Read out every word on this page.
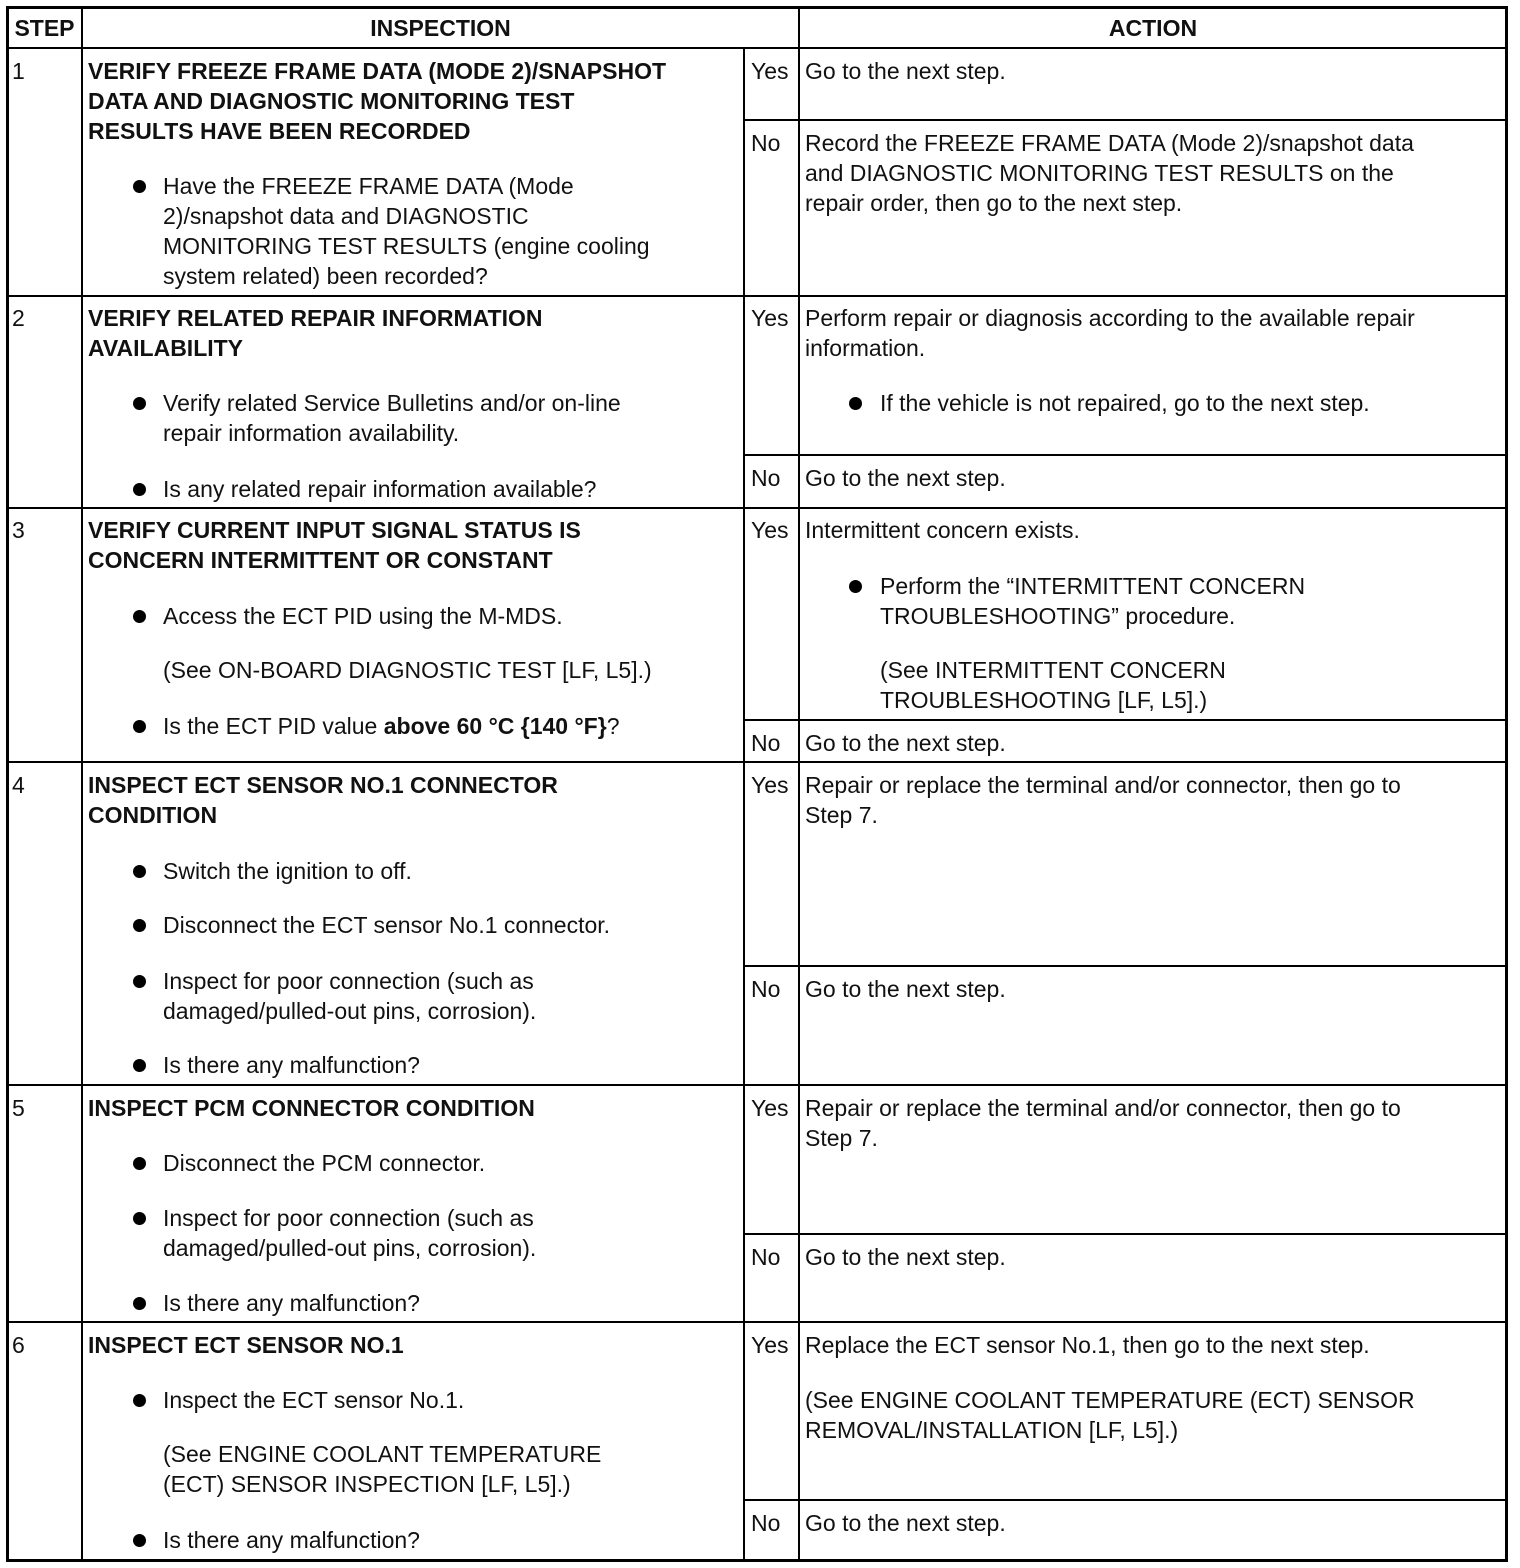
STEP	INSPECTION	ACTION
1	VERIFY FREEZE FRAME DATA (MODE 2)/SNAPSHOT
DATA AND DIAGNOSTIC MONITORING TEST
RESULTS HAVE BEEN RECORDED
Have the FREEZE FRAME DATA (Mode
2)/snapshot data and DIAGNOSTIC
MONITORING TEST RESULTS (engine cooling
system related) been recorded?
Yes Go to the next step.
No Record the FREEZE FRAME DATA (Mode 2)/snapshot data
and DIAGNOSTIC MONITORING TEST RESULTS on the
repair order, then go to the next step.
2	VERIFY RELATED REPAIR INFORMATION
AVAILABILITY
Verify related Service Bulletins and/or on-line
repair information availability.
Is any related repair information available?
Yes Perform repair or diagnosis according to the available repair
information.
If the vehicle is not repaired, go to the next step.
No Go to the next step.
3	VERIFY CURRENT INPUT SIGNAL STATUS IS
CONCERN INTERMITTENT OR CONSTANT
Access the ECT PID using the M-MDS.
(See ON-BOARD DIAGNOSTIC TEST [LF, L5].)
Is the ECT PID value above 60 °C {140 °F}?
Yes Intermittent concern exists.
Perform the “INTERMITTENT CONCERN
TROUBLESHOOTING” procedure.
(See INTERMITTENT CONCERN
TROUBLESHOOTING [LF, L5].)
No Go to the next step.
4	INSPECT ECT SENSOR NO.1 CONNECTOR
CONDITION
Switch the ignition to off.
Disconnect the ECT sensor No.1 connector.
Inspect for poor connection (such as
damaged/pulled-out pins, corrosion).
Is there any malfunction?
Yes Repair or replace the terminal and/or connector, then go to
Step 7.
No Go to the next step.
5	INSPECT PCM CONNECTOR CONDITION
Disconnect the PCM connector.
Inspect for poor connection (such as
damaged/pulled-out pins, corrosion).
Is there any malfunction?
Yes Repair or replace the terminal and/or connector, then go to
Step 7.
No Go to the next step.
6	INSPECT ECT SENSOR NO.1
Inspect the ECT sensor No.1.
(See ENGINE COOLANT TEMPERATURE
(ECT) SENSOR INSPECTION [LF, L5].)
Is there any malfunction?
Yes Replace the ECT sensor No.1, then go to the next step.
(See ENGINE COOLANT TEMPERATURE (ECT) SENSOR
REMOVAL/INSTALLATION [LF, L5].)
No Go to the next step.
